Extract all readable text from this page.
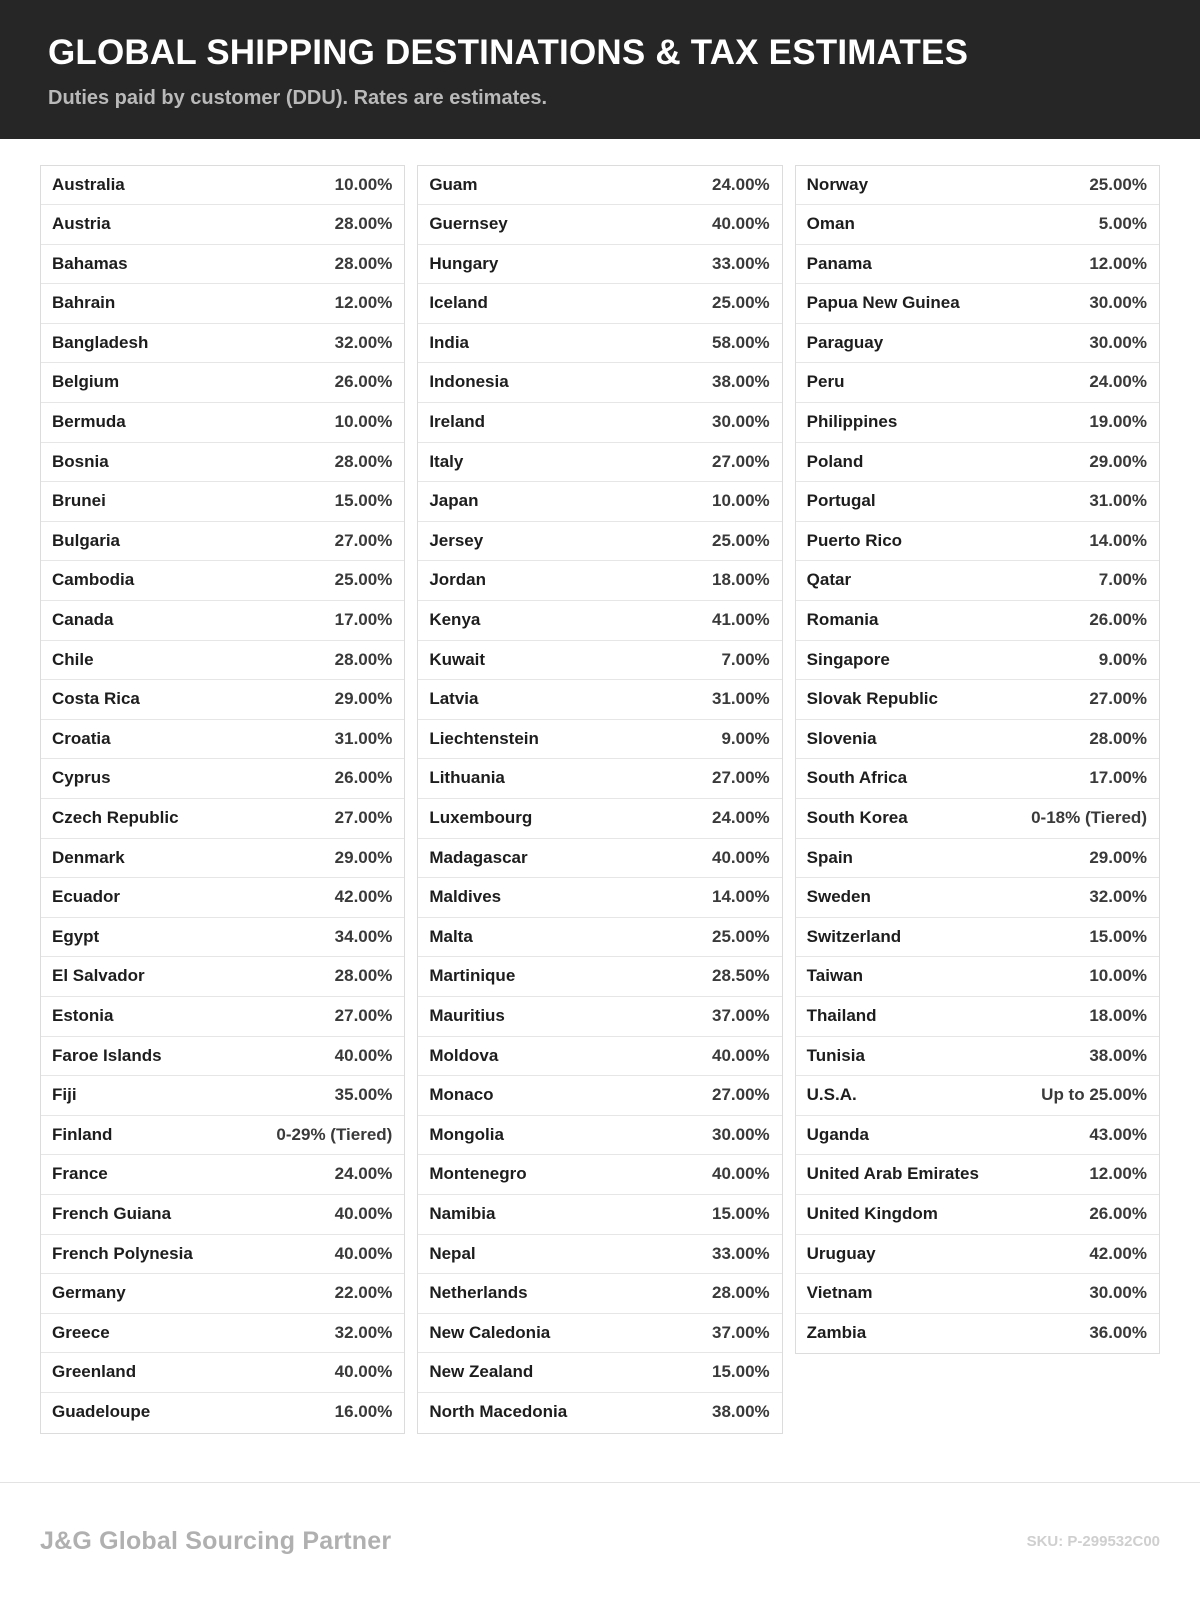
GLOBAL SHIPPING DESTINATIONS & TAX ESTIMATES

Duties paid by customer (DDU). Rates are estimates.

Australia	10.00%
Austria	28.00%
Bahamas	28.00%
Bahrain	12.00%
Bangladesh	32.00%
Belgium	26.00%
Bermuda	10.00%
Bosnia	28.00%
Brunei	15.00%
Bulgaria	27.00%
Cambodia	25.00%
Canada	17.00%
Chile	28.00%
Costa Rica	29.00%
Croatia	31.00%
Cyprus	26.00%
Czech Republic	27.00%
Denmark	29.00%
Ecuador	42.00%
Egypt	34.00%
El Salvador	28.00%
Estonia	27.00%
Faroe Islands	40.00%
Fiji	35.00%
Finland	0-29% (Tiered)
France	24.00%
French Guiana	40.00%
French Polynesia	40.00%
Germany	22.00%
Greece	32.00%
Greenland	40.00%
Guadeloupe	16.00%
Guam	24.00%
Guernsey	40.00%
Hungary	33.00%
Iceland	25.00%
India	58.00%
Indonesia	38.00%
Ireland	30.00%
Italy	27.00%
Japan	10.00%
Jersey	25.00%
Jordan	18.00%
Kenya	41.00%
Kuwait	7.00%
Latvia	31.00%
Liechtenstein	9.00%
Lithuania	27.00%
Luxembourg	24.00%
Madagascar	40.00%
Maldives	14.00%
Malta	25.00%
Martinique	28.50%
Mauritius	37.00%
Moldova	40.00%
Monaco	27.00%
Mongolia	30.00%
Montenegro	40.00%
Namibia	15.00%
Nepal	33.00%
Netherlands	28.00%
New Caledonia	37.00%
New Zealand	15.00%
North Macedonia	38.00%
Norway	25.00%
Oman	5.00%
Panama	12.00%
Papua New Guinea	30.00%
Paraguay	30.00%
Peru	24.00%
Philippines	19.00%
Poland	29.00%
Portugal	31.00%
Puerto Rico	14.00%
Qatar	7.00%
Romania	26.00%
Singapore	9.00%
Slovak Republic	27.00%
Slovenia	28.00%
South Africa	17.00%
South Korea	0-18% (Tiered)
Spain	29.00%
Sweden	32.00%
Switzerland	15.00%
Taiwan	10.00%
Thailand	18.00%
Tunisia	38.00%
U.S.A.	Up to 25.00%
Uganda	43.00%
United Arab Emirates	12.00%
United Kingdom	26.00%
Uruguay	42.00%
Vietnam	30.00%
Zambia	36.00%
J&G Global Sourcing Partner	SKU: P-299532C00
